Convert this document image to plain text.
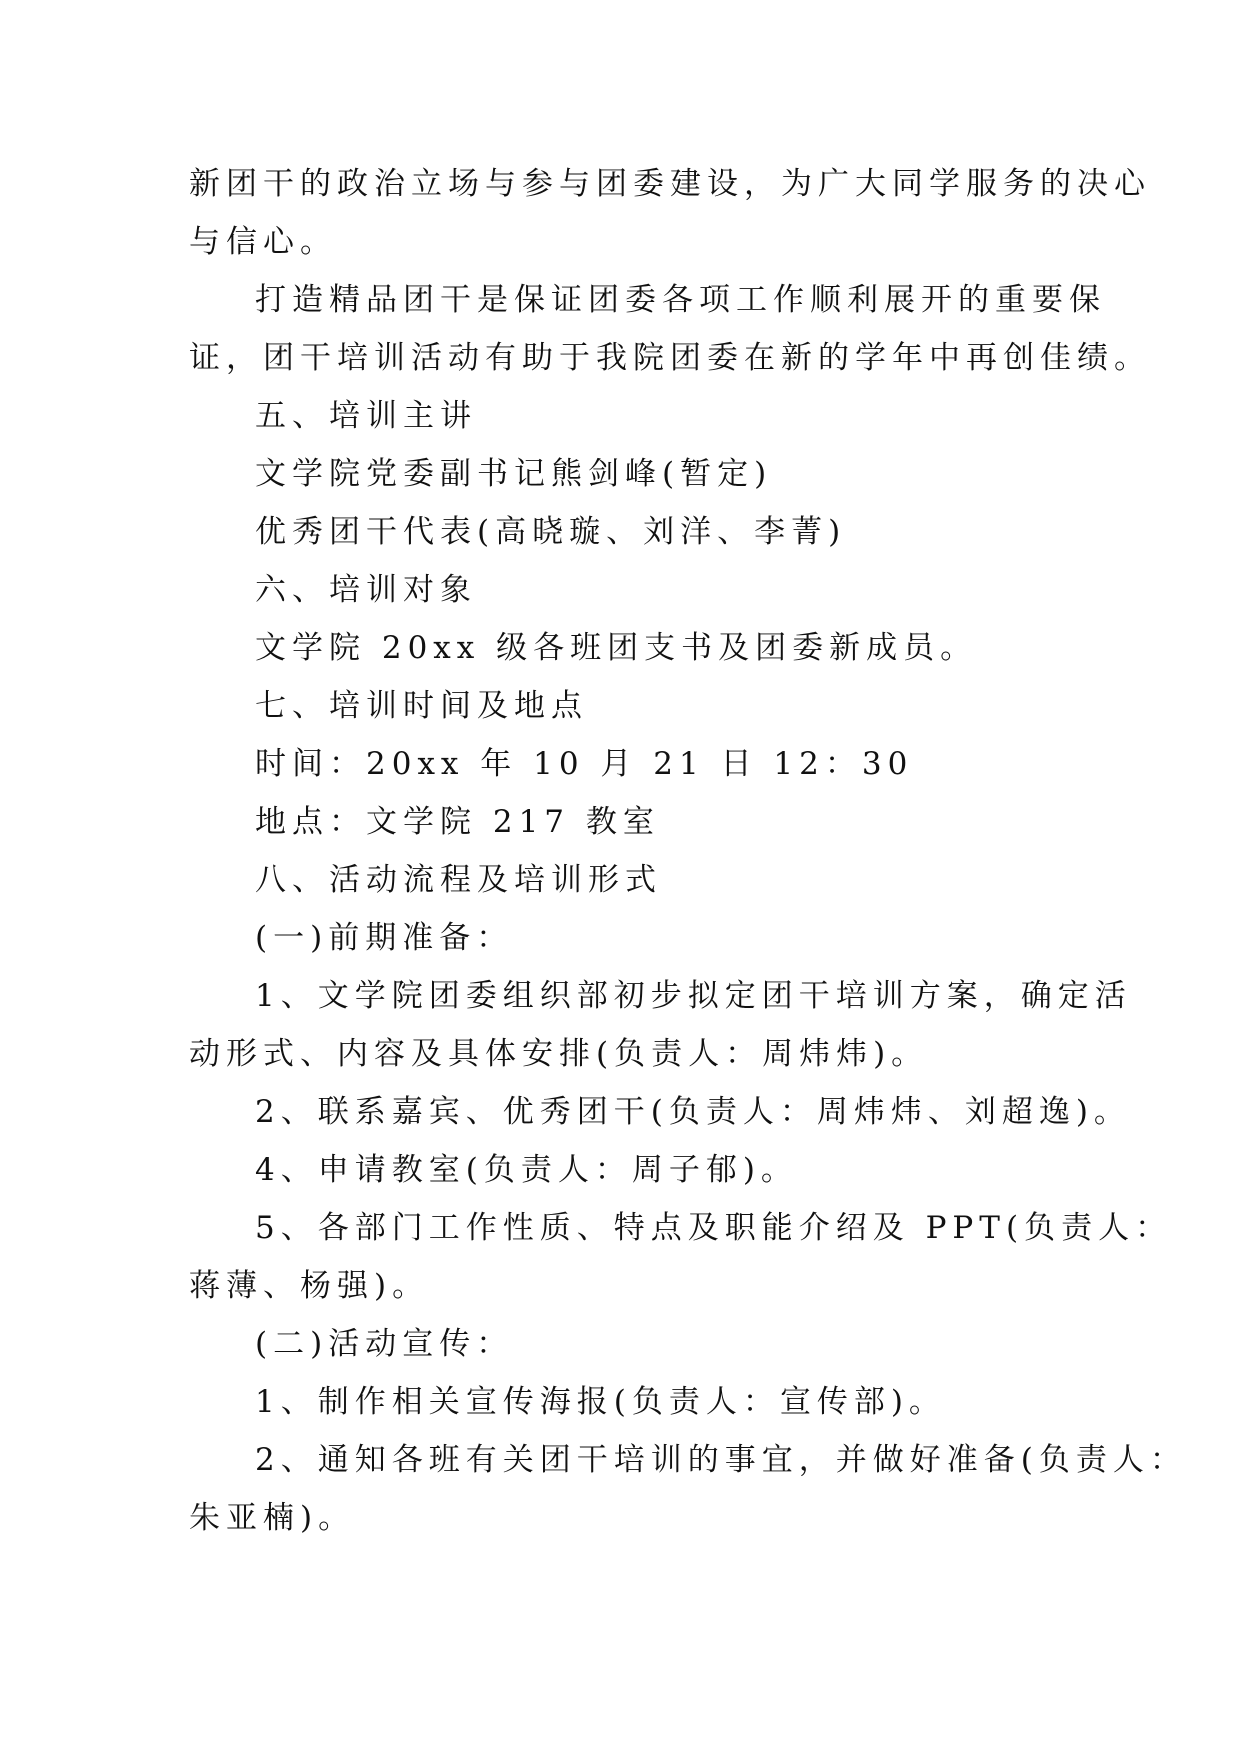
新团干的政治立场与参与团委建设，为广大同学服务的决心
与信心。
打造精品团干是保证团委各项工作顺利展开的重要保
证，团干培训活动有助于我院团委在新的学年中再创佳绩。
五、培训主讲
文学院党委副书记熊剑峰(暂定)
优秀团干代表(高晓璇、刘洋、李菁)
六、培训对象
文学院 20xx 级各班团支书及团委新成员。
七、培训时间及地点
时间：20xx 年 10 月 21 日 12：30
地点：文学院 217 教室
八、活动流程及培训形式
(一)前期准备：
1、文学院团委组织部初步拟定团干培训方案，确定活
动形式、内容及具体安排(负责人：周炜炜)。
2、联系嘉宾、优秀团干(负责人：周炜炜、刘超逸)。
4、申请教室(负责人：周子郁)。
5、各部门工作性质、特点及职能介绍及 PPT(负责人：
蒋薄、杨强)。
(二)活动宣传：
1、制作相关宣传海报(负责人：宣传部)。
2、通知各班有关团干培训的事宜，并做好准备(负责人：
朱亚楠)。
